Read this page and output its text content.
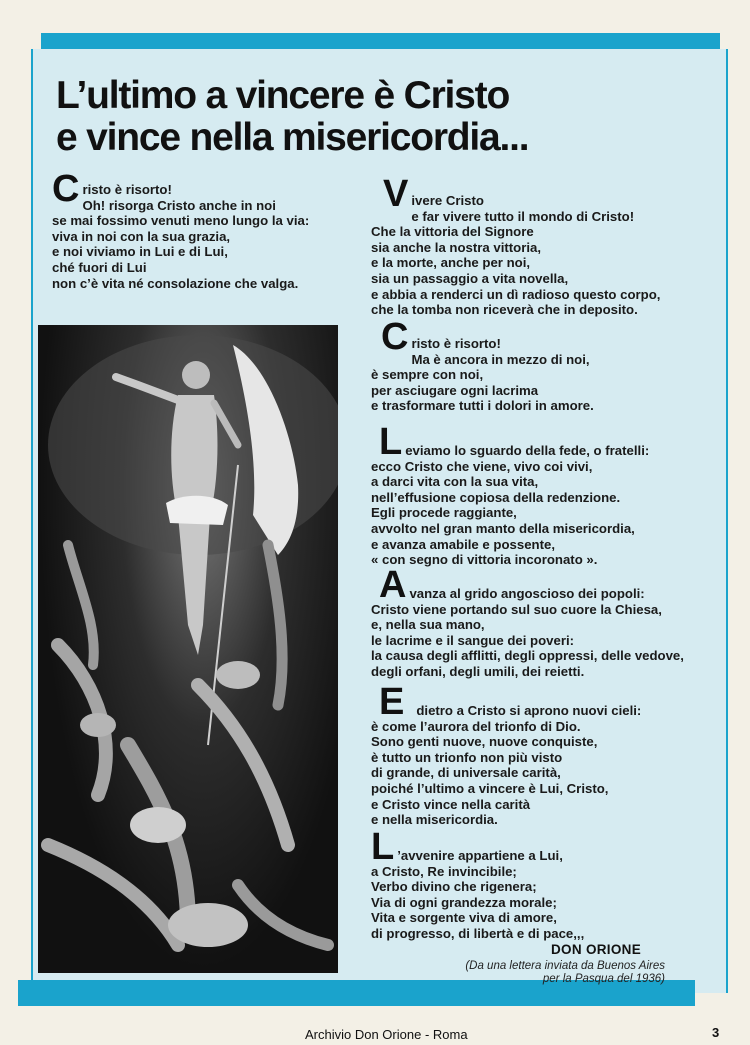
L’ultimo a vincere è Cristo
e vince nella misericordia...
C risto è risorto!
Oh! risorga Cristo anche in noi
se mai fossimo venuti meno lungo la via:
viva in noi con la sua grazia,
e noi viviamo in Lui e di Lui,
ché fuori di Lui
non c’è vita né consolazione che valga.
V ivere Cristo
e far vivere tutto il mondo di Cristo!
Che la vittoria del Signore
sia anche la nostra vittoria,
e la morte, anche per noi,
sia un passaggio a vita novella,
e abbia a renderci un dì radioso questo corpo,
che la tomba non riceverà che in deposito.
C risto è risorto!
Ma è ancora in mezzo di noi,
è sempre con noi,
per asciugare ogni lacrima
e trasformare tutti i dolori in amore.
L eviamo lo sguardo della fede, o fratelli:
ecco Cristo che viene, vivo coi vivi,
a darci vita con la sua vita,
nell’effusione copiosa della redenzione.
Egli procede raggiante,
avvolto nel gran manto della misericordia,
e avanza amabile e possente,
« con segno di vittoria incoronato ».
A vanza al grido angoscioso dei popoli:
Cristo viene portando sul suo cuore la Chiesa,
e, nella sua mano,
le lacrime e il sangue dei poveri:
la causa degli afflitti, degli oppressi, delle vedove,
degli orfani, degli umili, dei reietti.
E dietro a Cristo si aprono nuovi cieli:
è come l’aurora del trionfo di Dio.
Sono genti nuove, nuove conquiste,
è tutto un trionfo non più visto
di grande, di universale carità,
poiché l’ultimo a vincere è Lui, Cristo,
e Cristo vince nella carità
e nella misericordia.
L ’avvenire appartiene a Lui,
a Cristo, Re invincibile;
Verbo divino che rigenera;
Via di ogni grandezza morale;
Vita e sorgente viva di amore,
di progresso, di libertà e di pace,,,
DON ORIONE
(Da una lettera inviata da Buenos Aires
per la Pasqua del 1936)
Archivio Don Orione - Roma	3
